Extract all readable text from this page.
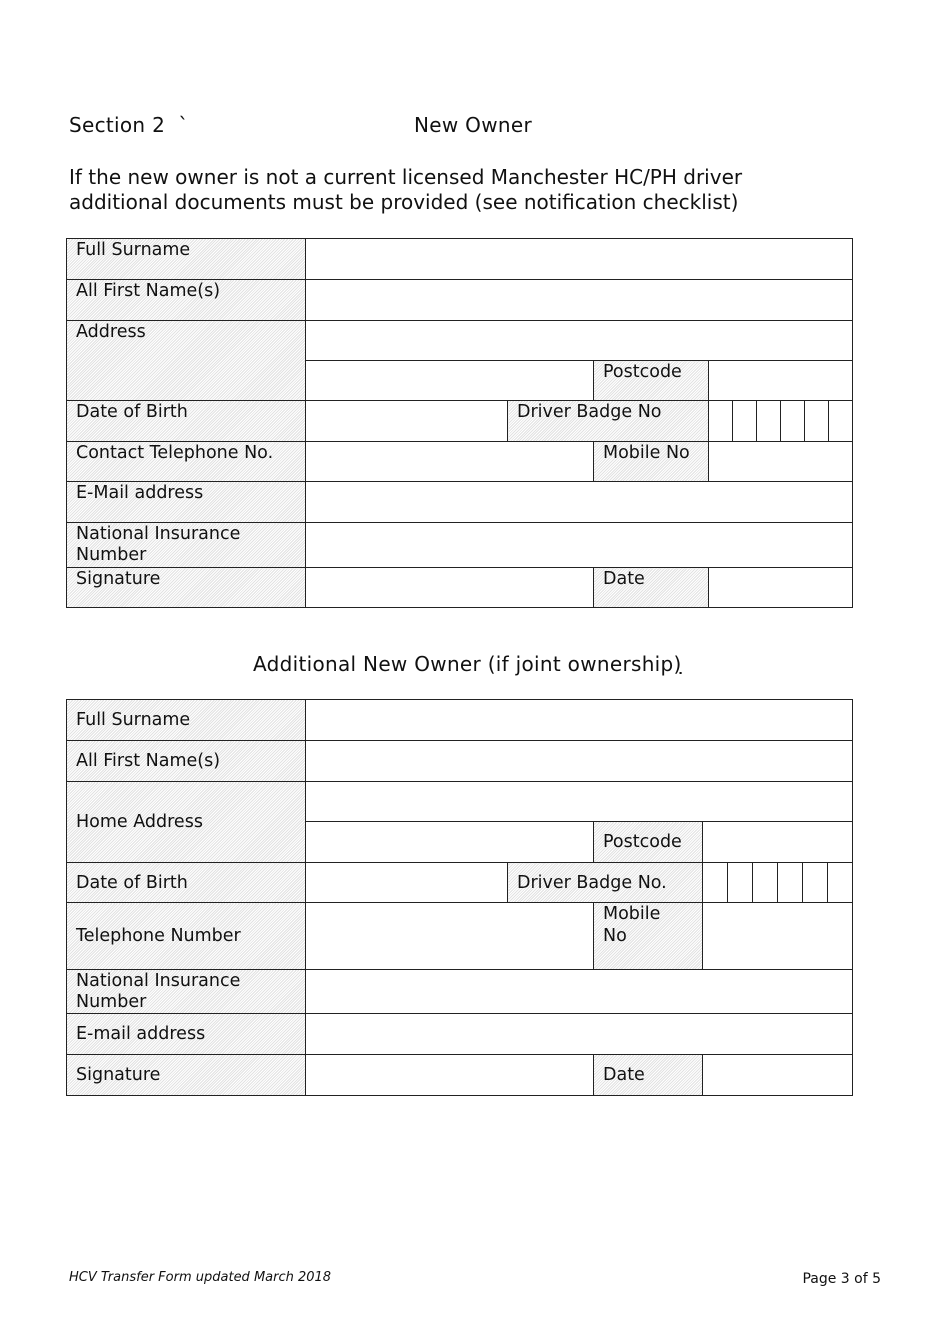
Section 2 `	New Owner
If the new owner is not a current licensed Manchester HC/PH driver
additional documents must be provided (see notification checklist)
Full Surname				
All First Name(s)				
Address				
			Postcode	
Date of Birth		Driver Badge No		

Contact Telephone No.			Mobile No	
E-Mail address				
National Insurance Number				
Signature			Date	
Additional New Owner (if joint ownership)
Full Surname				
All First Name(s)				
Home Address				
			Postcode	
Date of Birth		Driver Badge No.		

Telephone Number			Mobile No	
National Insurance Number				
E-mail address				
Signature			Date	
HCV Transfer Form updated March 2018	Page 3 of 5
